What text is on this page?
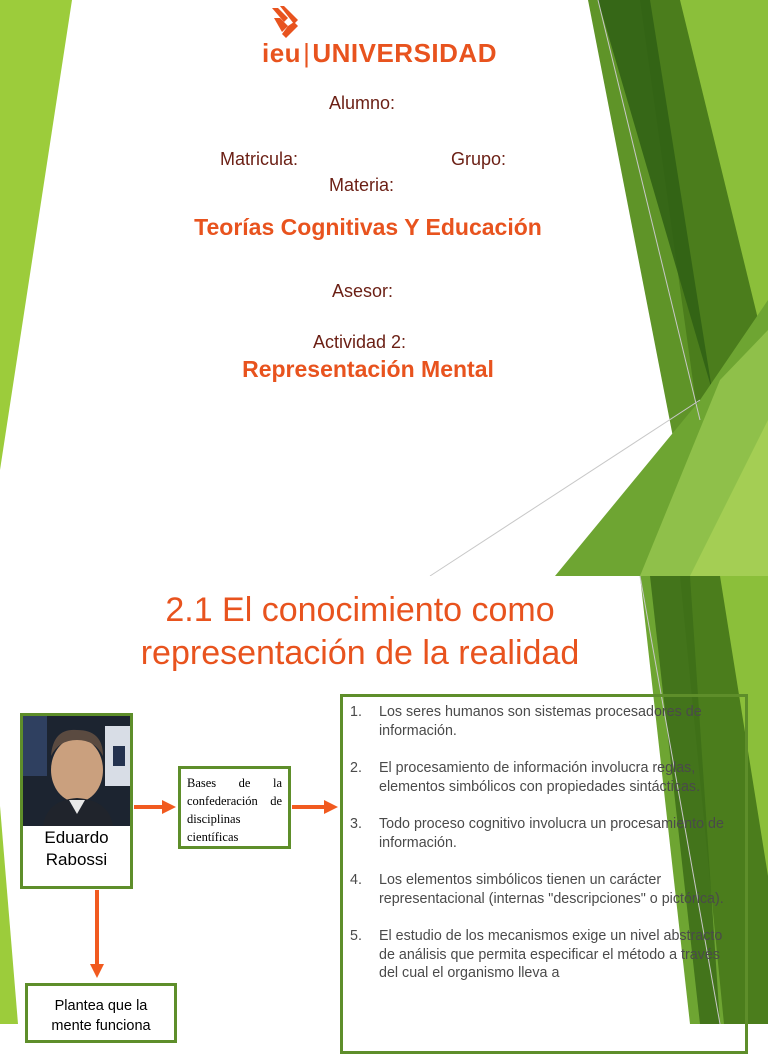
ieu|UNIVERSIDAD
Alumno:
Matricula:	Grupo:
Materia:
Teorías Cognitivas Y Educación
Asesor:
Actividad 2:
Representación Mental
2.1 El conocimiento como
representación de la realidad
Eduardo
Rabossi
Bases de la confederación de disciplinas científicas
Plantea que la mente funciona
1. Los seres humanos son sistemas procesadores de información.
2. El procesamiento de información involucra reglas, elementos simbólicos con propiedades sintácticas.
3. Todo proceso cognitivo involucra un procesamiento de información.
4. Los elementos simbólicos tienen un carácter representacional (internas "descripciones" o pictórica).
5. El estudio de los mecanismos exige un nivel abstracto de análisis que permita especificar el método a través del cual el organismo lleva a
